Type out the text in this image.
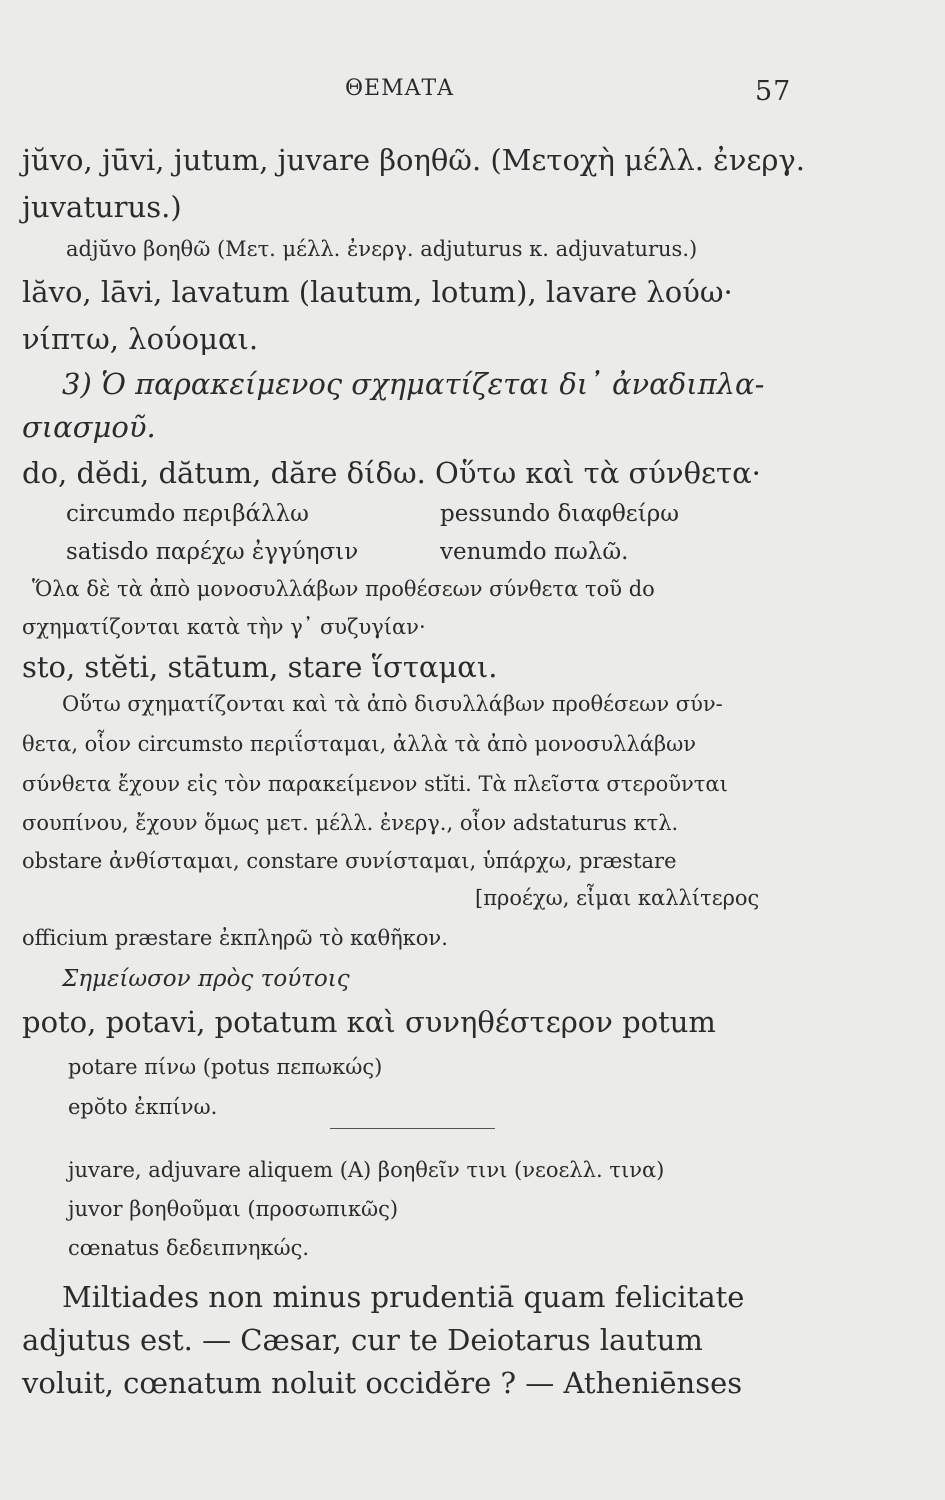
ΘΕΜΑΤΑ	57
jŭvo, jūvi, jutum, juvare βοηθῶ. (Μετοχὴ μέλλ. ἐνεργ.
juvaturus.)
adjŭvo βοηθῶ (Μετ. μέλλ. ἐνεργ. adjuturus κ. adjuvaturus.)
lăvo, lāvi, lavatum (lautum, lotum), lavare λούω·
νίπτω, λούομαι.
3) Ὁ παρακείμενος σχηματίζεται δι᾽ ἀναδιπλα-
σιασμοῦ.
do, dĕdi, dătum, dăre δίδω. Οὕτω καὶ τὰ σύνθετα·
circumdo περιβάλλω	pessundo διαφθείρω
satisdo παρέχω ἐγγύησιν	venumdo πωλῶ.
Ὅλα δὲ τὰ ἀπὸ μονοσυλλάβων προθέσεων σύνθετα τοῦ do
σχηματίζονται κατὰ τὴν γ᾽ συζυγίαν·
sto, stĕti, stātum, stare ἵσταμαι.
Οὕτω σχηματίζονται καὶ τὰ ἀπὸ δισυλλάβων προθέσεων σύν-
θετα, οἷον circumsto περιΐσταμαι, ἀλλὰ τὰ ἀπὸ μονοσυλλάβων
σύνθετα ἔχουν εἰς τὸν παρακείμενον stĭti. Τὰ πλεῖστα στεροῦνται
σουπίνου, ἔχουν ὅμως μετ. μέλλ. ἐνεργ., οἷον adstaturus κτλ.
obstare ἀνθίσταμαι, constare συνίσταμαι, ὑπάρχω, præstare
[προέχω, εἶμαι καλλίτερος
officium præstare ἐκπληρῶ τὸ καθῆκον.
Σημείωσον πρὸς τούτοις
poto, potavi, potatum καὶ συνηθέστερον potum
potare πίνω (potus πεπωκώς)
epŏto ἐκπίνω.
juvare, adjuvare aliquem (A) βοηθεῖν τινι (νεοελλ. τινα)
juvor βοηθοῦμαι (προσωπικῶς)
cœnatus δεδειπνηκώς.
Miltiades non minus prudentiā quam felicitate
adjutus est. — Cæsar, cur te Deiotarus lautum
voluit, cœnatum noluit occidĕre ? — Atheniēnses
